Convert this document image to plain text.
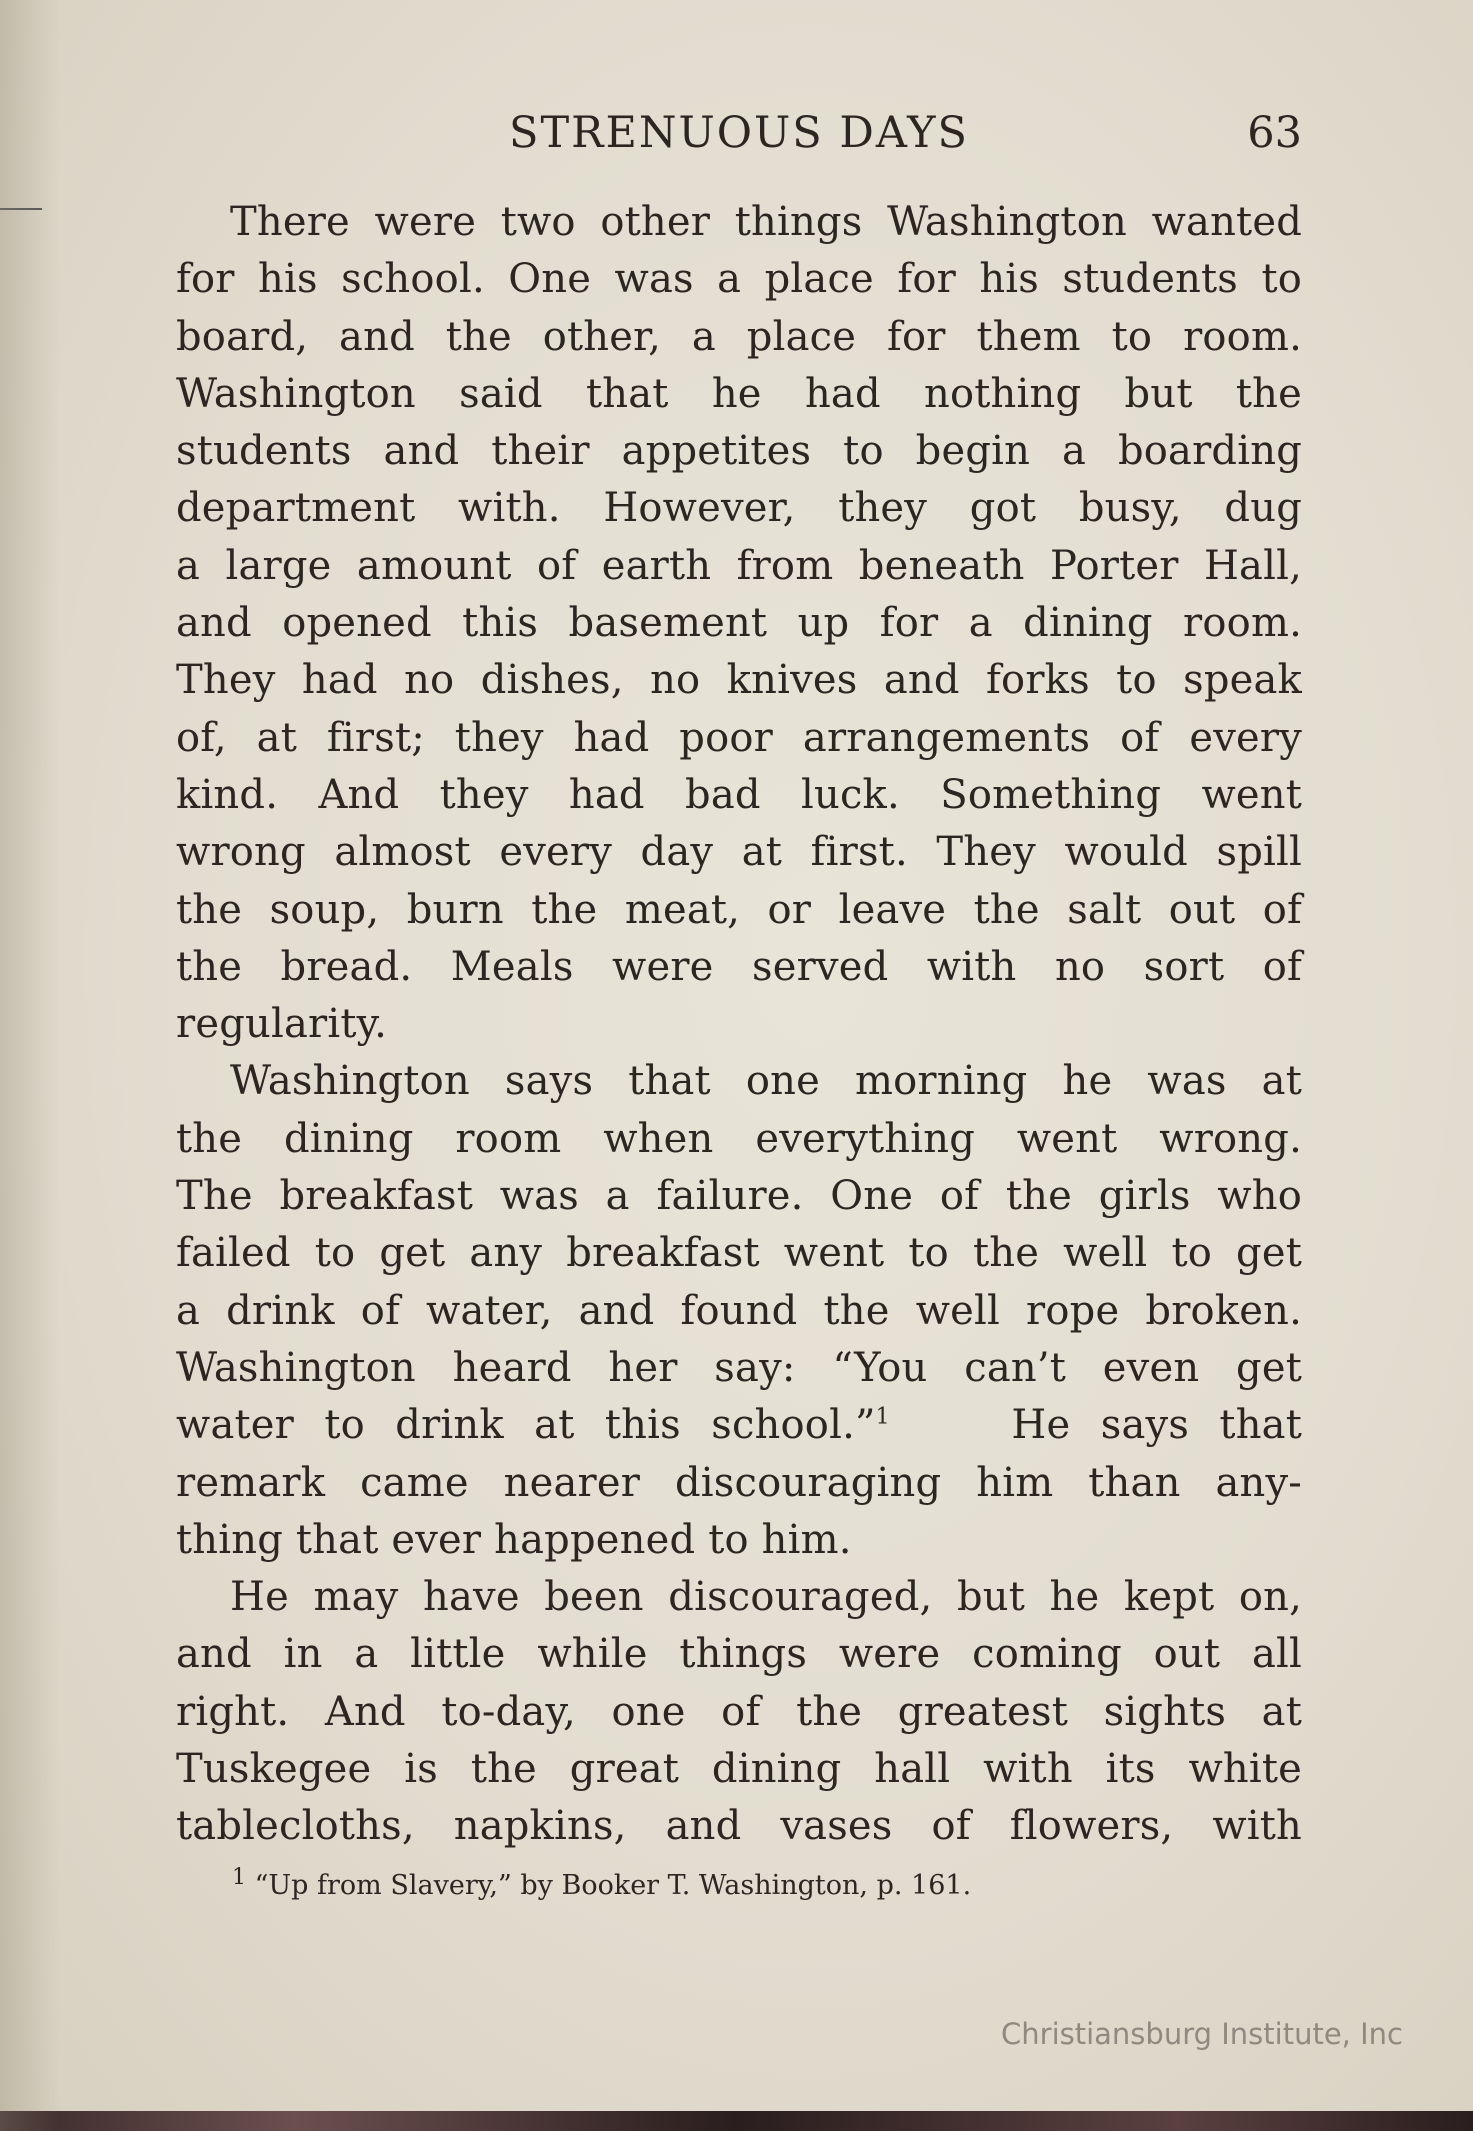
STRENUOUS DAYS	63
There were two other things Washington wanted
for his school. One was a place for his students to
board, and the other, a place for them to room.
Washington said that he had nothing but the
students and their appetites to begin a boarding
department with. However, they got busy, dug
a large amount of earth from beneath Porter Hall,
and opened this basement up for a dining room.
They had no dishes, no knives and forks to speak
of, at first; they had poor arrangements of every
kind. And they had bad luck. Something went
wrong almost every day at first. They would spill
the soup, burn the meat, or leave the salt out of
the bread. Meals were served with no sort of
regularity.
Washington says that one morning he was at
the dining room when everything went wrong.
The breakfast was a failure. One of the girls who
failed to get any breakfast went to the well to get
a drink of water, and found the well rope broken.
Washington heard her say: “You can’t even get
water to drink at this school.”$^1$	He says that
remark came nearer discouraging him than any-
thing that ever happened to him.
He may have been discouraged, but he kept on,
and in a little while things were coming out all
right. And to-day, one of the greatest sights at
Tuskegee is the great dining hall with its white
tablecloths, napkins, and vases of flowers, with
$^1$ “Up from Slavery,” by Booker T. Washington, p. 161.
Christiansburg Institute, Inc
